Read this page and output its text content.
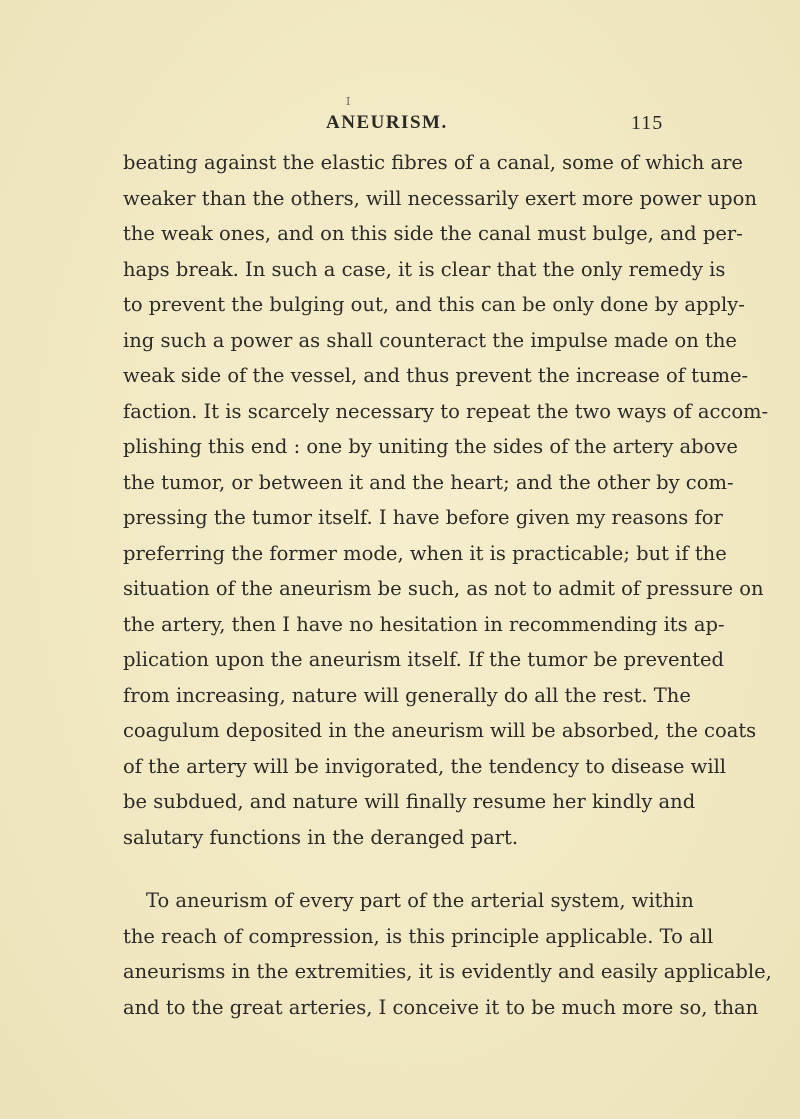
I
ANEURISM.	115
beating against the elastic fibres of a canal, some of which are
weaker than the others, will necessarily exert more power upon
the weak ones, and on this side the canal must bulge, and per-
haps break. In such a case, it is clear that the only remedy is
to prevent the bulging out, and this can be only done by apply-
ing such a power as shall counteract the impulse made on the
weak side of the vessel, and thus prevent the increase of tume-
faction. It is scarcely necessary to repeat the two ways of accom-
plishing this end : one by uniting the sides of the artery above
the tumor, or between it and the heart; and the other by com-
pressing the tumor itself. I have before given my reasons for
preferring the former mode, when it is practicable; but if the
situation of the aneurism be such, as not to admit of pressure on
the artery, then I have no hesitation in recommending its ap-
plication upon the aneurism itself. If the tumor be prevented
from increasing, nature will generally do all the rest. The
coagulum deposited in the aneurism will be absorbed, the coats
of the artery will be invigorated, the tendency to disease will
be subdued, and nature will finally resume her kindly and
salutary functions in the deranged part.
To aneurism of every part of the arterial system, within
the reach of compression, is this principle applicable. To all
aneurisms in the extremities, it is evidently and easily applicable,
and to the great arteries, I conceive it to be much more so, than
